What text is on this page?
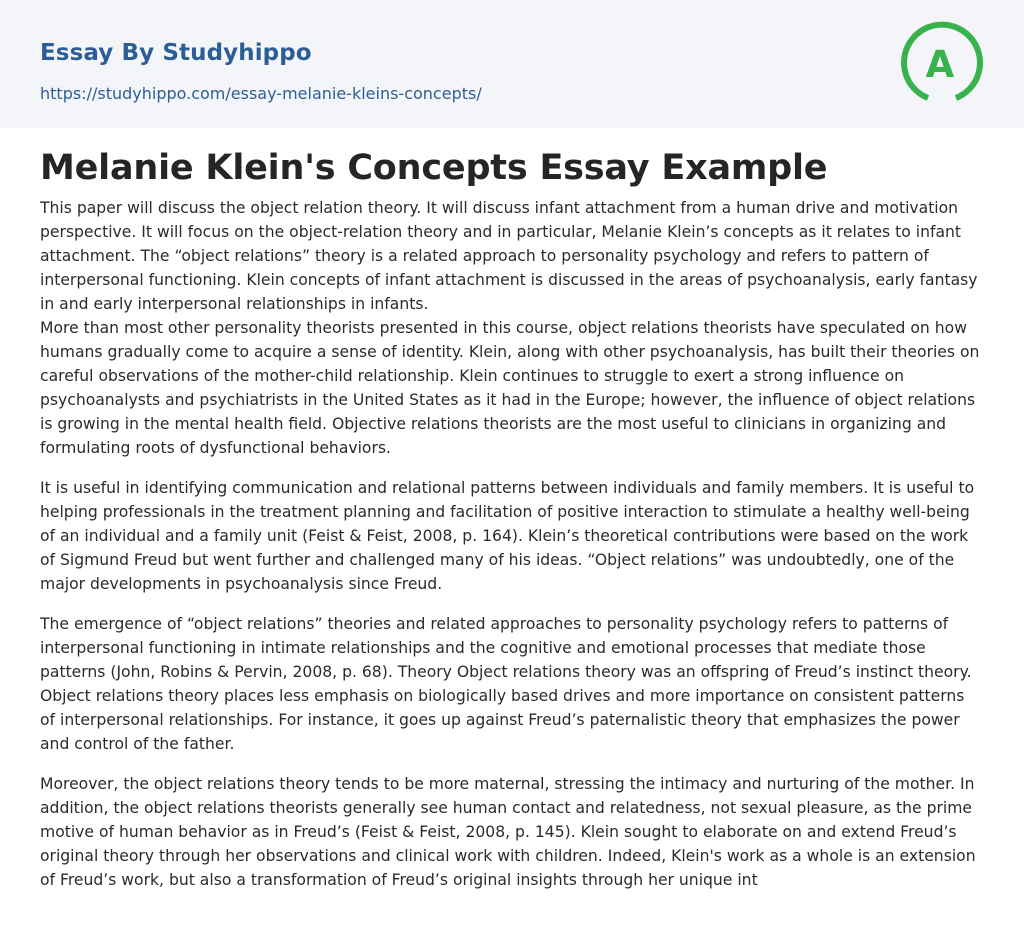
Essay By Studyhippo
https://studyhippo.com/essay-melanie-kleins-concepts/
A
Melanie Klein's Concepts Essay Example

This paper will discuss the object relation theory. It will discuss infant attachment from a human drive and motivation perspective. It will focus on the object-relation theory and in particular, Melanie Klein’s concepts as it relates to infant attachment. The “object relations” theory is a related approach to personality psychology and refers to pattern of interpersonal functioning. Klein concepts of infant attachment is discussed in the areas of psychoanalysis, early fantasy in and early interpersonal relationships in infants.

More than most other personality theorists presented in this course, object relations theorists have speculated on how humans gradually come to acquire a sense of identity. Klein, along with other psychoanalysis, has built their theories on careful observations of the mother-child relationship. Klein continues to struggle to exert a strong influence on psychoanalysts and psychiatrists in the United States as it had in the Europe; however, the influence of object relations is growing in the mental health field. Objective relations theorists are the most useful to clinicians in organizing and formulating roots of dysfunctional behaviors.

It is useful in identifying communication and relational patterns between individuals and family members. It is useful to helping professionals in the treatment planning and facilitation of positive interaction to stimulate a healthy well-being of an individual and a family unit (Feist & Feist, 2008, p. 164). Klein’s theoretical contributions were based on the work of Sigmund Freud but went further and challenged many of his ideas. “Object relations” was undoubtedly, one of the major developments in psychoanalysis since Freud.

The emergence of “object relations” theories and related approaches to personality psychology refers to patterns of interpersonal functioning in intimate relationships and the cognitive and emotional processes that mediate those patterns (John, Robins & Pervin, 2008, p. 68). Theory Object relations theory was an offspring of Freud’s instinct theory. Object relations theory places less emphasis on biologically based drives and more importance on consistent patterns of interpersonal relationships. For instance, it goes up against Freud’s paternalistic theory that emphasizes the power and control of the father.

Moreover, the object relations theory tends to be more maternal, stressing the intimacy and nurturing of the mother. In addition, the object relations theorists generally see human contact and relatedness, not sexual pleasure, as the prime motive of human behavior as in Freud’s (Feist & Feist, 2008, p. 145). Klein sought to elaborate on and extend Freud’s original theory through her observations and clinical work with children. Indeed, Klein's work as a whole is an extension of Freud’s work, but also a transformation of Freud’s original insights through her unique int
